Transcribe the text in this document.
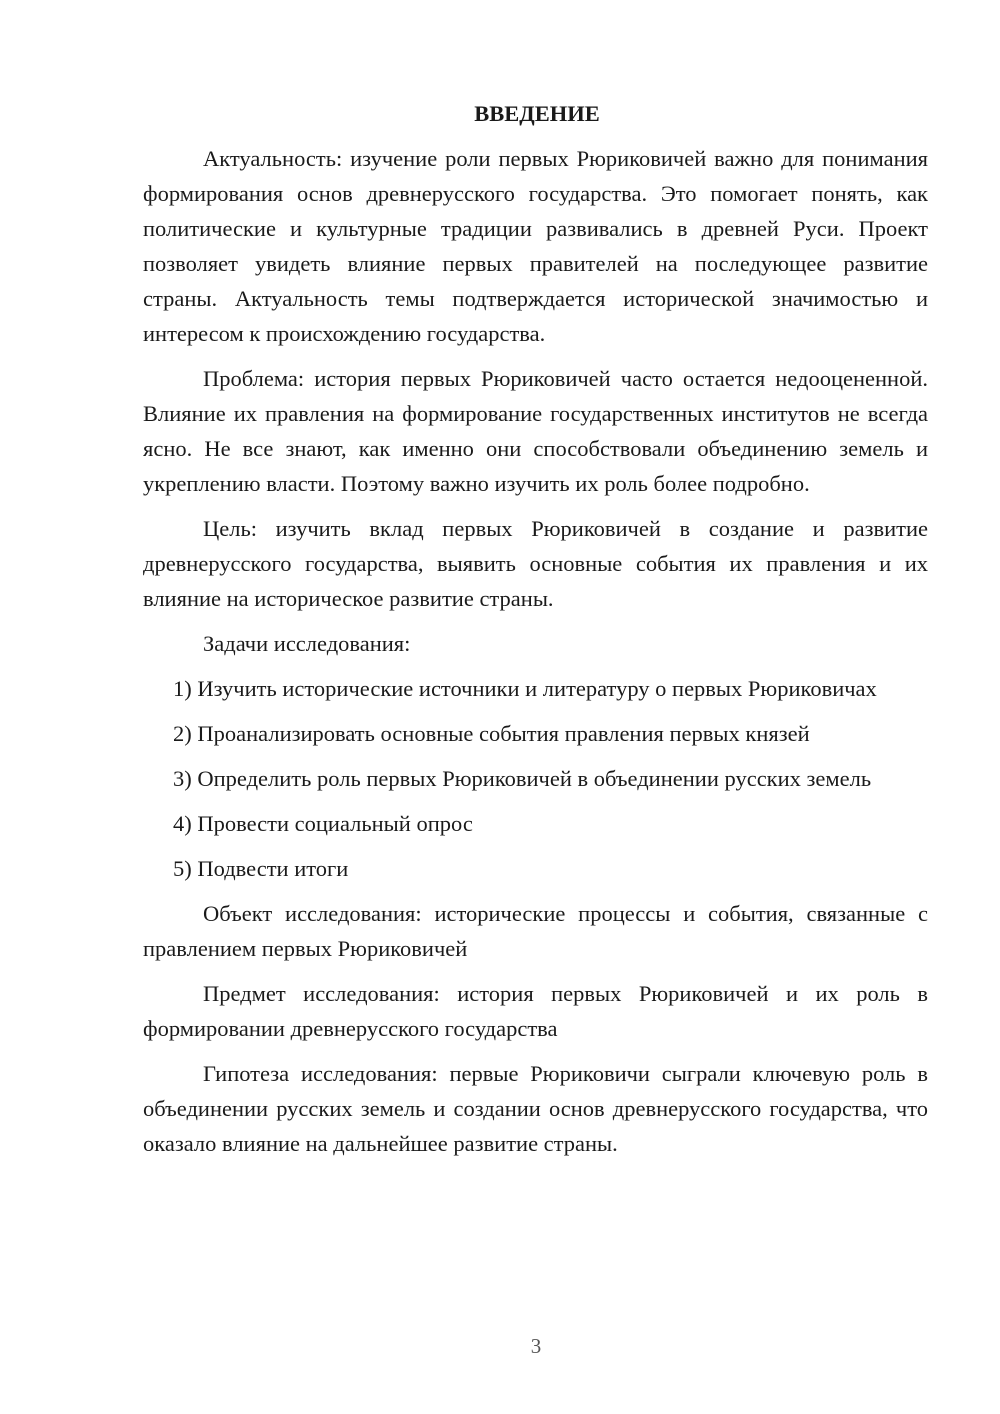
ВВЕДЕНИЕ

Актуальность: изучение роли первых Рюриковичей важно для понимания формирования основ древнерусского государства. Это помогает понять, как политические и культурные традиции развивались в древней Руси. Проект позволяет увидеть влияние первых правителей на последующее развитие страны. Актуальность темы подтверждается исторической значимостью и интересом к происхождению государства.

Проблема: история первых Рюриковичей часто остается недооцененной. Влияние их правления на формирование государственных институтов не всегда ясно. Не все знают, как именно они способствовали объединению земель и укреплению власти. Поэтому важно изучить их роль более подробно.

Цель: изучить вклад первых Рюриковичей в создание и развитие древнерусского государства, выявить основные события их правления и их влияние на историческое развитие страны.

Задачи исследования:

1) Изучить исторические источники и литературу о первых Рюриковичах

2) Проанализировать основные события правления первых князей

3) Определить роль первых Рюриковичей в объединении русских земель

4) Провести социальный опрос

5) Подвести итоги

Объект исследования: исторические процессы и события, связанные с правлением первых Рюриковичей

Предмет исследования: история первых Рюриковичей и их роль в формировании древнерусского государства

Гипотеза исследования: первые Рюриковичи сыграли ключевую роль в объединении русских земель и создании основ древнерусского государства, что оказало влияние на дальнейшее развитие страны.

3
